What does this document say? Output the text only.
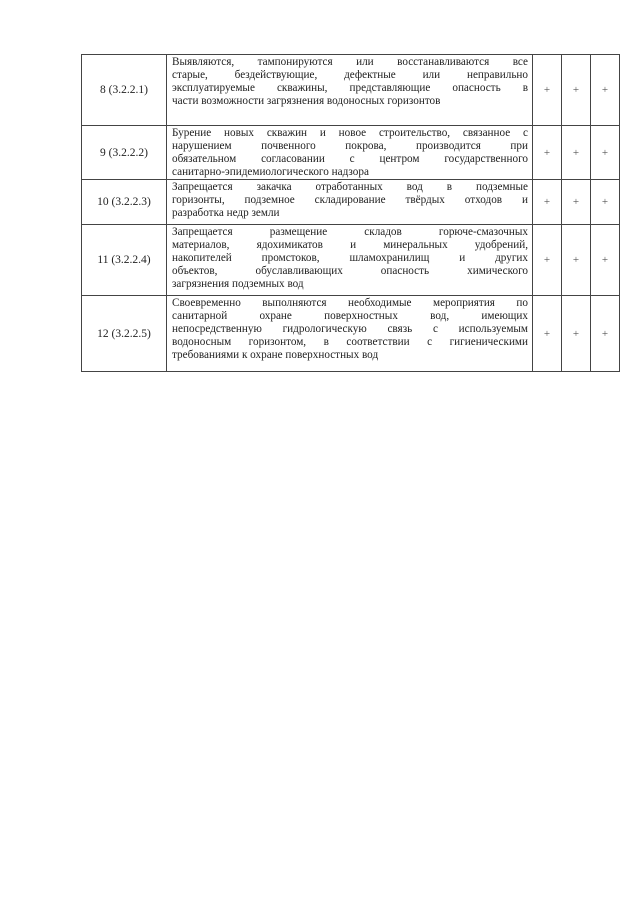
8 (3.2.2.1)	Выявляются, тампонируются или восстанавливаются все
старые, бездействующие, дефектные или неправильно
эксплуатируемые скважины, представляющие опасность в
части возможности загрязнения водоносных горизонтов	+	+	+
9 (3.2.2.2)	Бурение новых скважин и новое строительство, связанное с
нарушением почвенного покрова, производится при
обязательном согласовании с центром государственного
санитарно-эпидемиологического надзора	+	+	+
10 (3.2.2.3)	Запрещается закачка отработанных вод в подземные
горизонты, подземное складирование твёрдых отходов и
разработка недр земли	+	+	+
11 (3.2.2.4)	Запрещается размещение складов горюче-смазочных
материалов, ядохимикатов и минеральных удобрений,
накопителей промстоков, шламохранилищ и других
объектов, обуславливающих опасность химического
загрязнения подземных вод	+	+	+
12 (3.2.2.5)	Своевременно выполняются необходимые мероприятия по
санитарной охране поверхностных вод, имеющих
непосредственную гидрологическую связь с используемым
водоносным горизонтом, в соответствии с гигиеническими
требованиями к охране поверхностных вод	+	+	+
